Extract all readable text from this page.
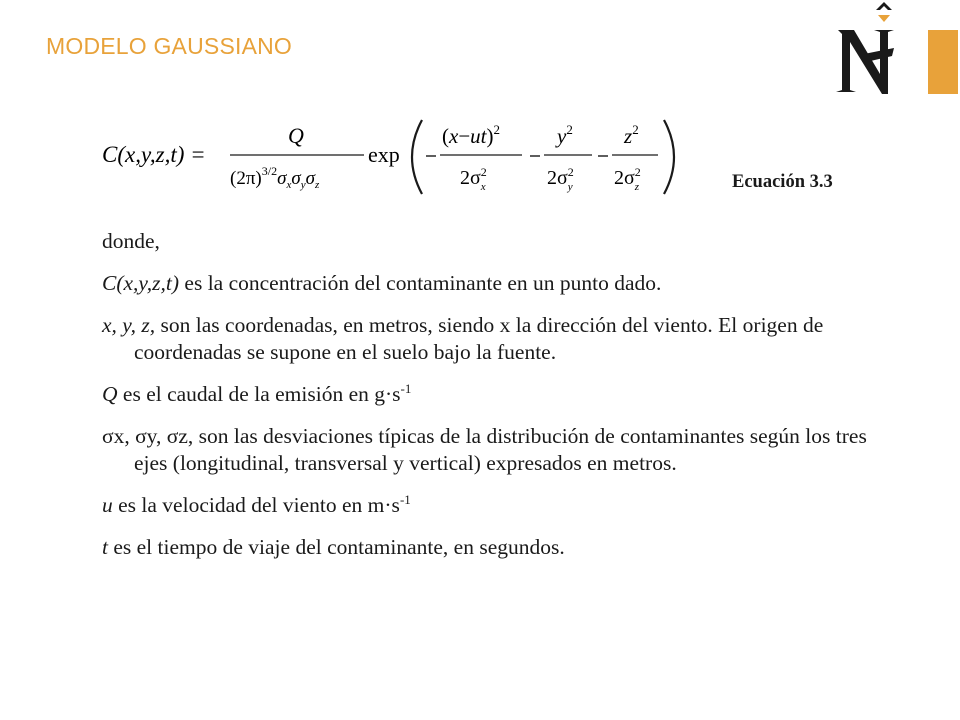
MODELO GAUSSIANO
C(x,y,z,t) =
Q
$(2\pi)^{3/2}\sigma_x\sigma_y\sigma_z$
exp
$(x-ut)^2$
$2\sigma^2$ x
$y^2$
$2\sigma^2$ y
$z^2$
$2\sigma^2$ z	Ecuación 3.3

donde,

C(x,y,z,t) es la concentración del contaminante en un punto dado.

x, y, z, son las coordenadas, en metros, siendo x la dirección del viento. El origen de coordenadas se supone en el suelo bajo la fuente.

Q es el caudal de la emisión en $g\cdot s^{-1}$

σx, σy, σz, son las desviaciones típicas de la distribución de contaminantes según los tres ejes (longitudinal, transversal y vertical) expresados en metros.

u es la velocidad del viento en $m\cdot s^{-1}$

t es el tiempo de viaje del contaminante, en segundos.
